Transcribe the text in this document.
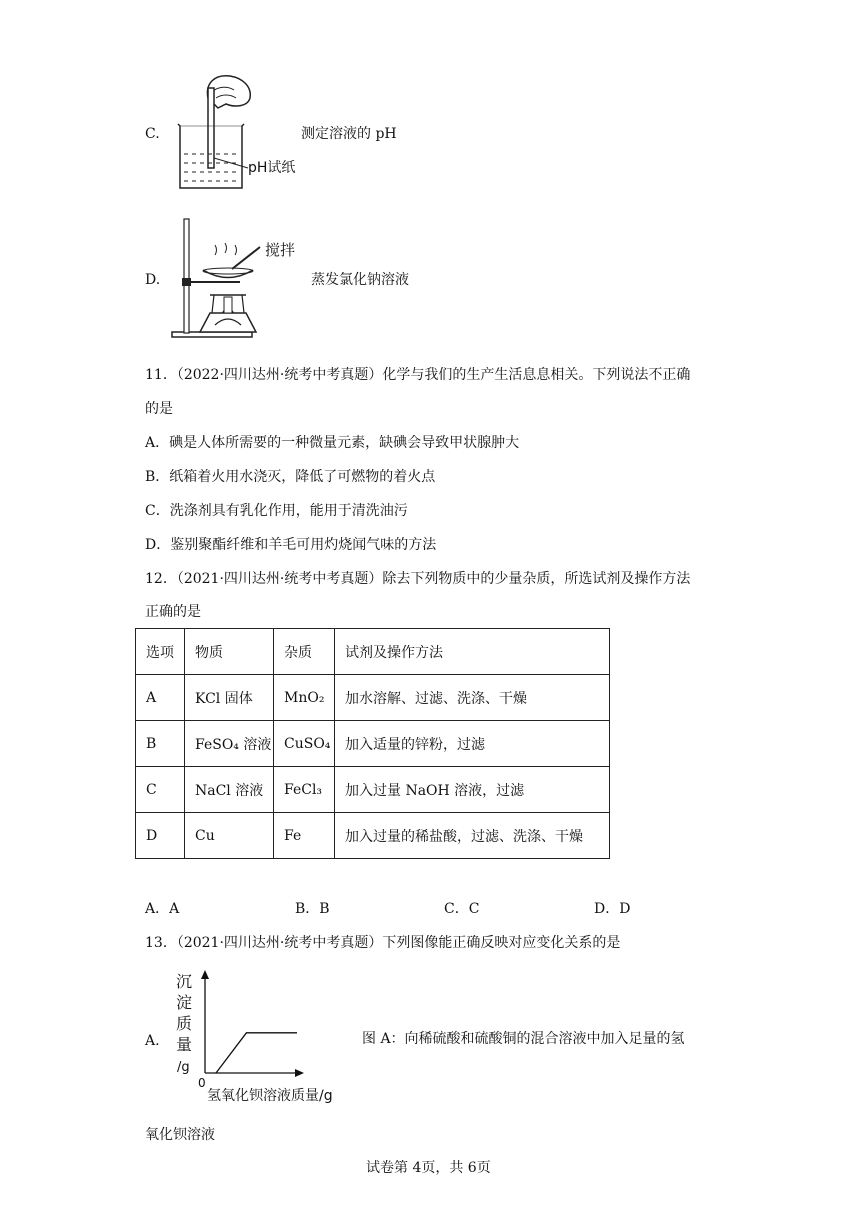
pH试纸
C.	测定溶液的 pH
搅拌
D.	蒸发氯化钠溶液
11．（2022·四川达州·统考中考真题）化学与我们的生产生活息息相关。下列说法不正确
的是
A．碘是人体所需要的一种微量元素，缺碘会导致甲状腺肿大
B．纸箱着火用水浇灭，降低了可燃物的着火点
C．洗涤剂具有乳化作用，能用于清洗油污
D．鉴别聚酯纤维和羊毛可用灼烧闻气味的方法
12．（2021·四川达州·统考中考真题）除去下列物质中的少量杂质，所选试剂及操作方法
正确的是
选项	物质	杂质	试剂及操作方法
A	KCl 固体	MnO₂	加水溶解、过滤、洗涤、干燥
B	FeSO₄ 溶液	CuSO₄	加入适量的锌粉，过滤
C	NaCl 溶液	FeCl₃	加入过量 NaOH 溶液，过滤
D	Cu	Fe	加入过量的稀盐酸，过滤、洗涤、干燥
A．A	B．B	C．C	D．D
13．（2021·四川达州·统考中考真题）下列图像能正确反映对应变化关系的是
A.
沉
淀
质
量
/g
0
氢氧化钡溶液质量/g
图 A：向稀硫酸和硫酸铜的混合溶液中加入足量的氢
氧化钡溶液
试卷第 4页，共 6页
